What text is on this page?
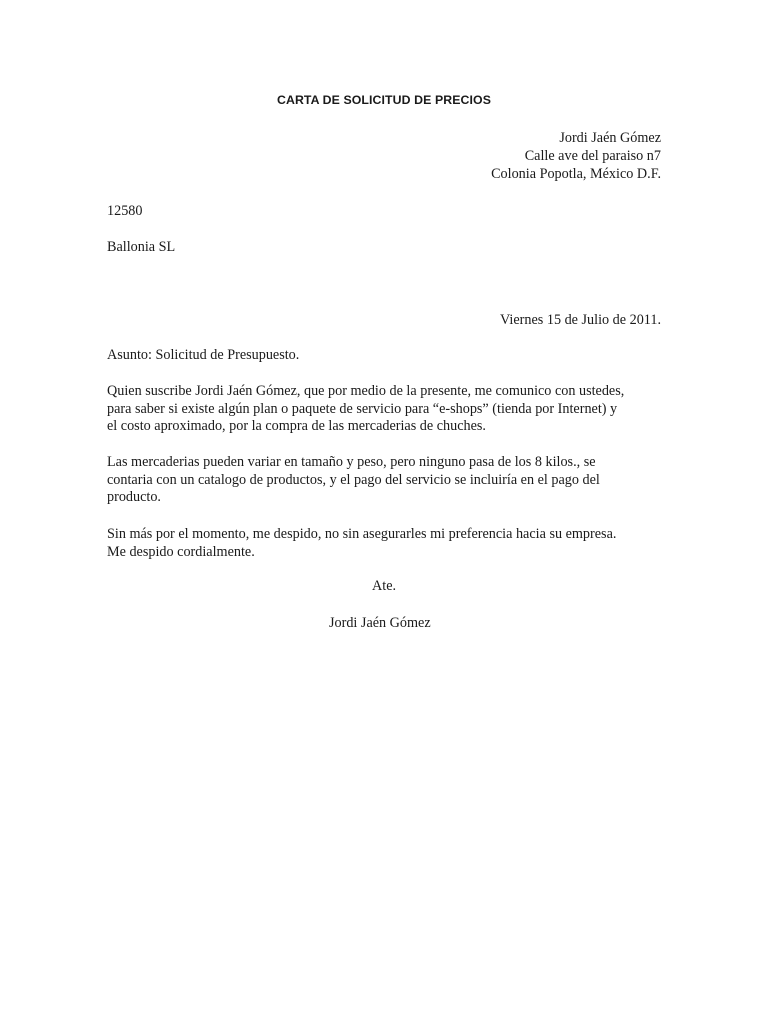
CARTA DE SOLICITUD DE PRECIOS
Jordi Jaén Gómez
Calle ave del paraiso n7
Colonia Popotla, México D.F.
12580
Ballonia SL
Viernes 15 de Julio de 2011.
Asunto: Solicitud de Presupuesto.
Quien suscribe Jordi Jaén Gómez, que por medio de la presente, me comunico con ustedes,
para saber si existe algún plan o paquete de servicio para “e-shops” (tienda por Internet) y
el costo aproximado, por la compra de las mercaderias de chuches.
Las mercaderias pueden variar en tamaño y peso, pero ninguno pasa de los 8 kilos., se
contaria con un catalogo de productos, y el pago del servicio se incluiría en el pago del
producto.
Sin más por el momento, me despido, no sin asegurarles mi preferencia hacia su empresa.
Me despido cordialmente.
Ate.
Jordi Jaén Gómez
